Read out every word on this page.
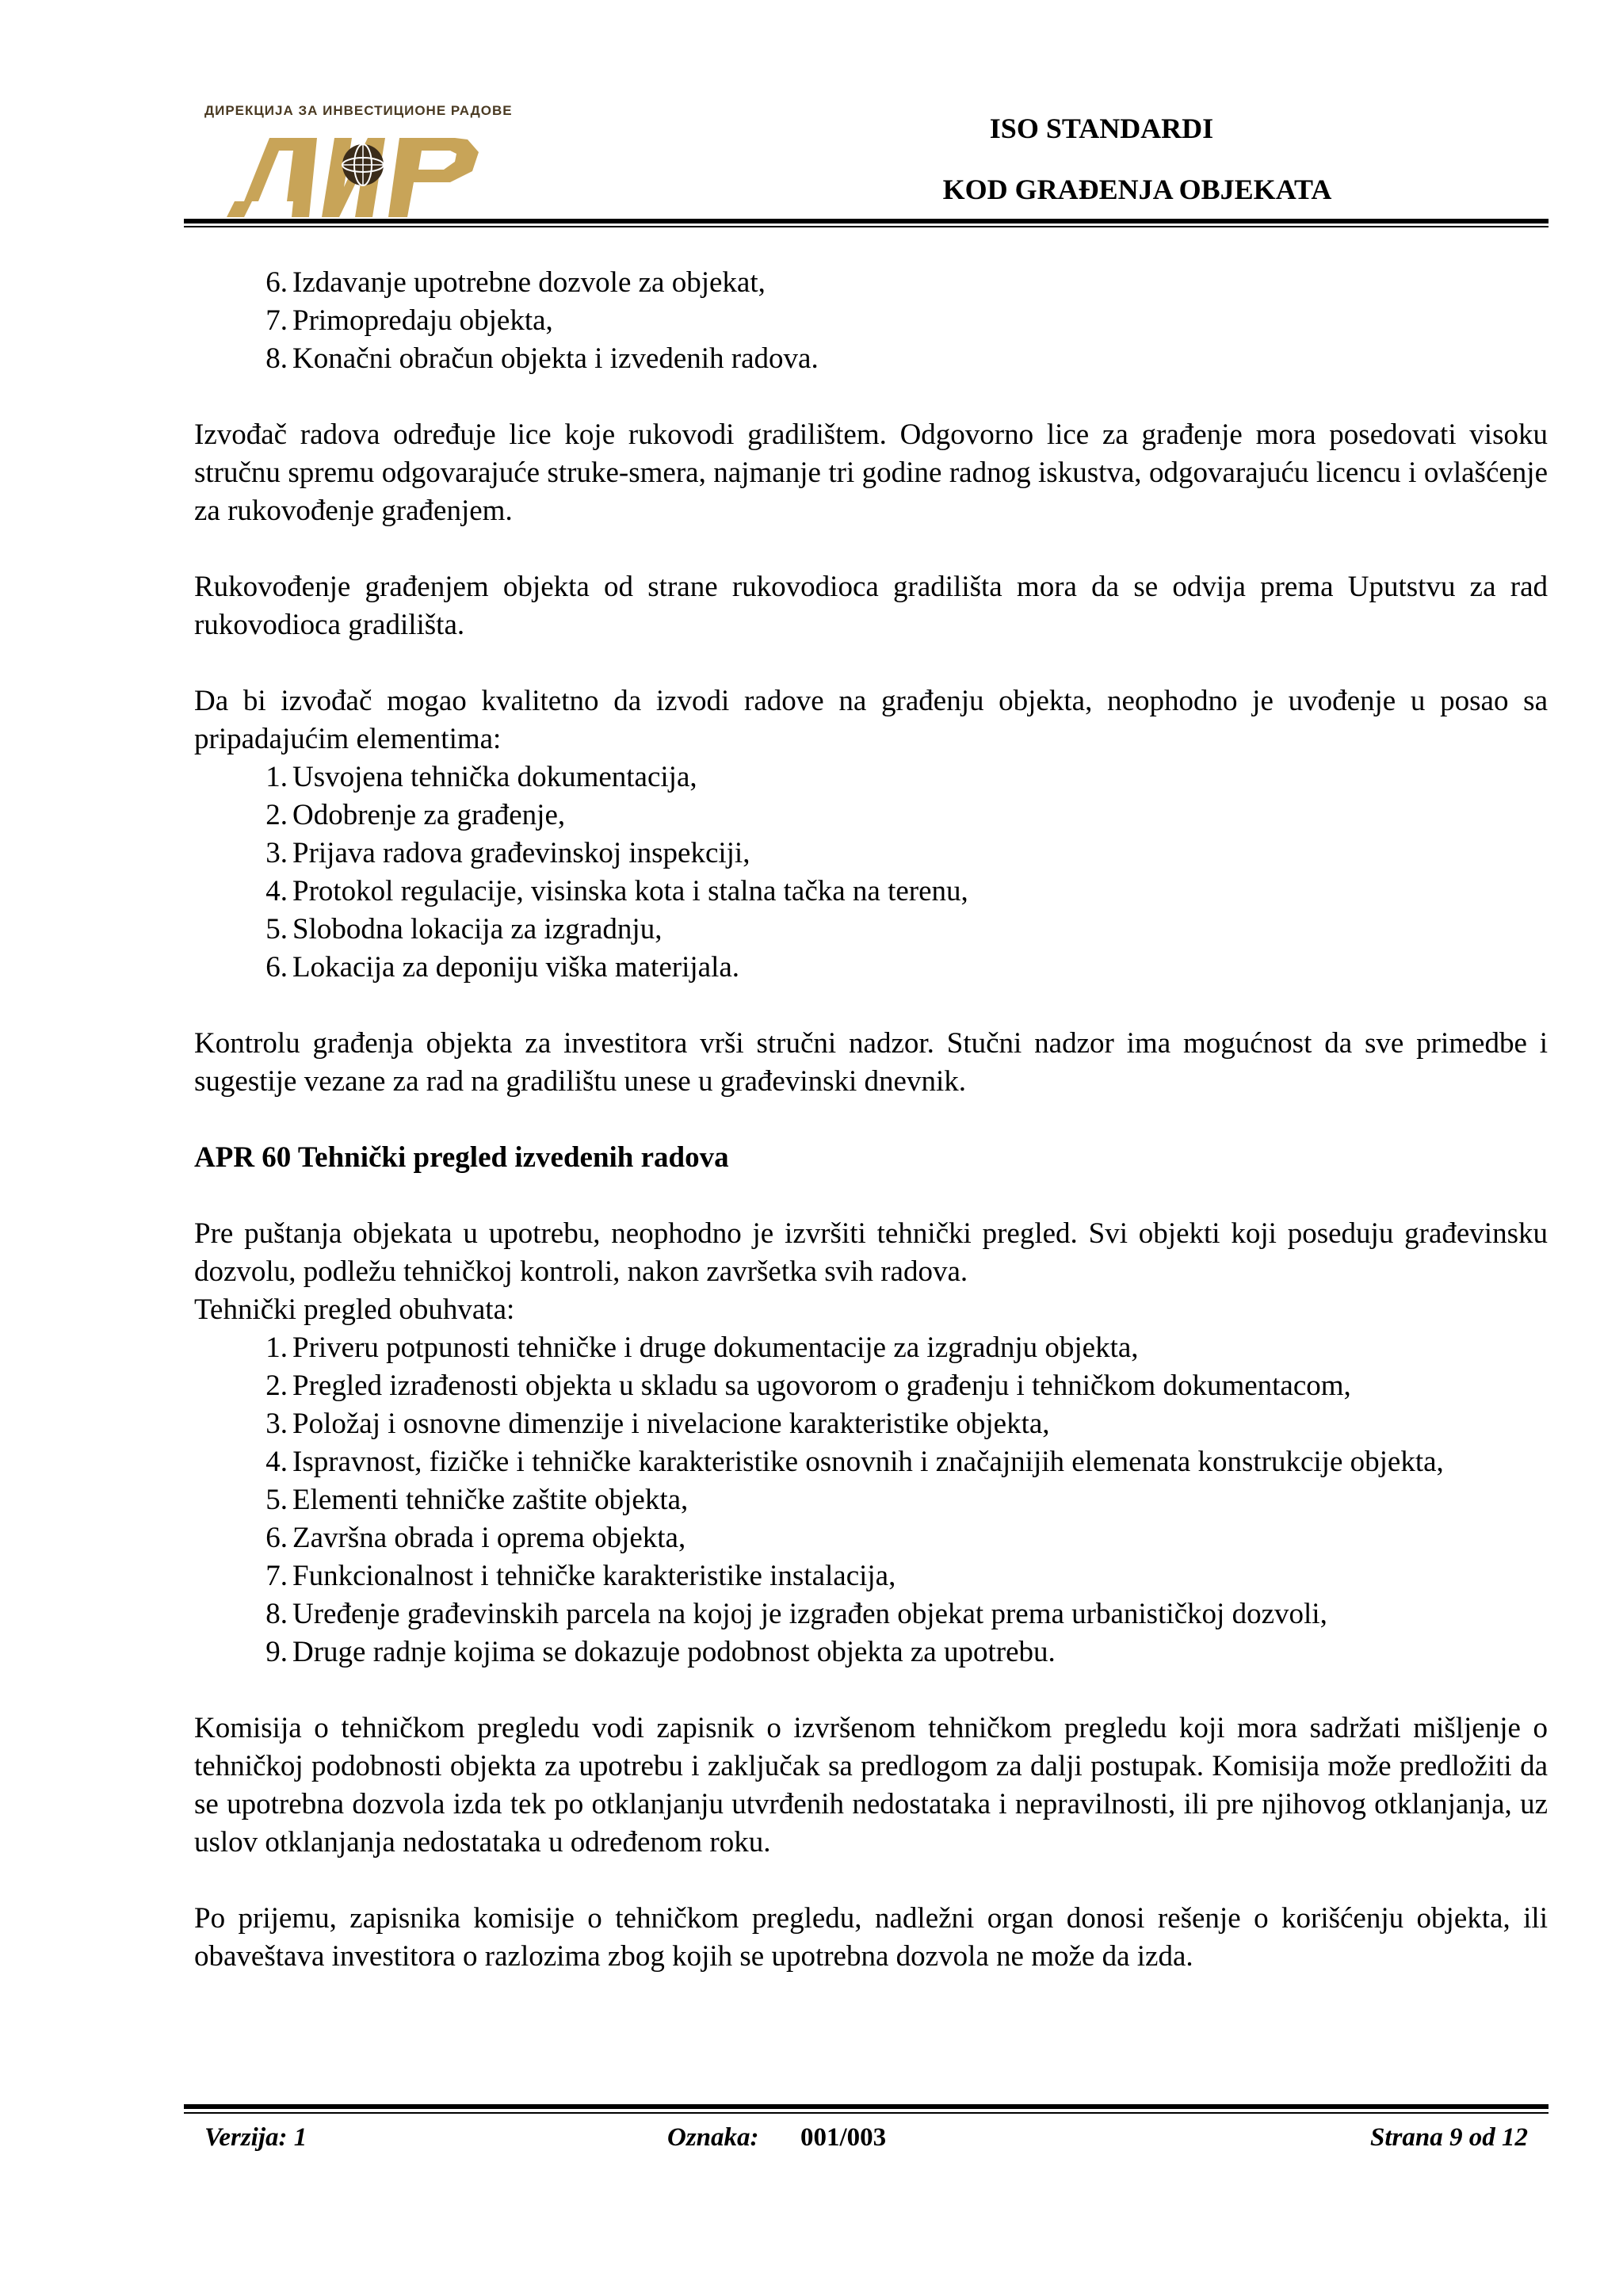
ДИРЕКЦИЈА ЗА ИНВЕСТИЦИОНЕ РАДОВЕ
ISO STANDARDI
KOD GRAĐENJA OBJEKATA
6. Izdavanje upotrebne dozvole za objekat,
7. Primopredaju objekta,
8. Konačni obračun objekta i izvedenih radova.

Izvođač radova određuje lice koje rukovodi gradilištem. Odgovorno lice za građenje mora posedovati visoku stručnu spremu odgovarajuće struke-smera, najmanje tri godine radnog iskustva, odgovarajuću licencu i ovlašćenje za rukovođenje građenjem.

Rukovođenje građenjem objekta od strane rukovodioca gradilišta mora da se odvija prema Uputstvu za rad rukovodioca gradilišta.

Da bi izvođač mogao kvalitetno da izvodi radove na građenju objekta, neophodno je uvođenje u posao sa pripadajućim elementima:

1. Usvojena tehnička dokumentacija,
2. Odobrenje za građenje,
3. Prijava radova građevinskoj inspekciji,
4. Protokol regulacije, visinska kota i stalna tačka na terenu,
5. Slobodna lokacija za izgradnju,
6. Lokacija za deponiju viška materijala.

Kontrolu građenja objekta za investitora vrši stručni nadzor. Stučni nadzor ima mogućnost da sve primedbe i sugestije vezane za rad na gradilištu unese u građevinski dnevnik.

APR 60 Tehnički pregled izvedenih radova

Pre puštanja objekata u upotrebu, neophodno je izvršiti tehnički pregled. Svi objekti koji poseduju građevinsku dozvolu, podležu tehničkoj kontroli, nakon završetka svih radova.

Tehnički pregled obuhvata:

1. Priveru potpunosti tehničke i druge dokumentacije za izgradnju objekta,
2. Pregled izrađenosti objekta u skladu sa ugovorom o građenju i tehničkom dokumentacom,
3. Položaj i osnovne dimenzije i nivelacione karakteristike objekta,
4. Ispravnost, fizičke i tehničke karakteristike osnovnih i značajnijih elemenata konstrukcije objekta,
5. Elementi tehničke zaštite objekta,
6. Završna obrada i oprema objekta,
7. Funkcionalnost i tehničke karakteristike instalacija,
8. Uređenje građevinskih parcela na kojoj je izgrađen objekat prema urbanističkoj dozvoli,
9. Druge radnje kojima se dokazuje podobnost objekta za upotrebu.

Komisija o tehničkom pregledu vodi zapisnik o izvršenom tehničkom pregledu koji mora sadržati mišljenje o tehničkoj podobnosti objekta za upotrebu i zaključak sa predlogom za dalji postupak. Komisija može predložiti da se upotrebna dozvola izda tek po otklanjanju utvrđenih nedostataka i nepravilnosti, ili pre njihovog otklanjanja, uz uslov otklanjanja nedostataka u određenom roku.

Po prijemu, zapisnika komisije o tehničkom pregledu, nadležni organ donosi rešenje o korišćenju objekta, ili obaveštava investitora o razlozima zbog kojih se upotrebna dozvola ne može da izda.

Verzija: 1	Oznaka: 001/003	Strana 9 od 12
